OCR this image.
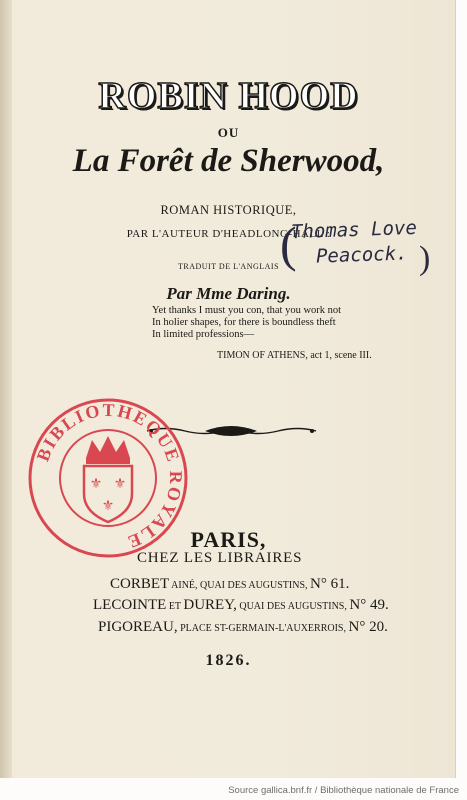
ROBIN HOOD
OU
La Forêt de Sherwood,
ROMAN HISTORIQUE,
PAR L'AUTEUR D'HEADLONG-HALL :
(
Thomas Love
Peacock. )
TRADUIT DE L'ANGLAIS
Par Mme Daring.
Yet thanks I must you con, that you work not
In holier shapes, for there is boundless theft
In limited professions—
TIMON OF ATHENS, act 1, scene III.
BIBLIOTHEQUE ROYALE
⚜ ⚜
⚜
PARIS,
CHEZ LES LIBRAIRES
CORBET AINÉ, QUAI DES AUGUSTINS, N° 61.
LECOINTE ET DUREY, QUAI DES AUGUSTINS, N° 49.
PIGOREAU, PLACE ST-GERMAIN-L'AUXERROIS, N° 20.
1826.
Source gallica.bnf.fr / Bibliothèque nationale de France
